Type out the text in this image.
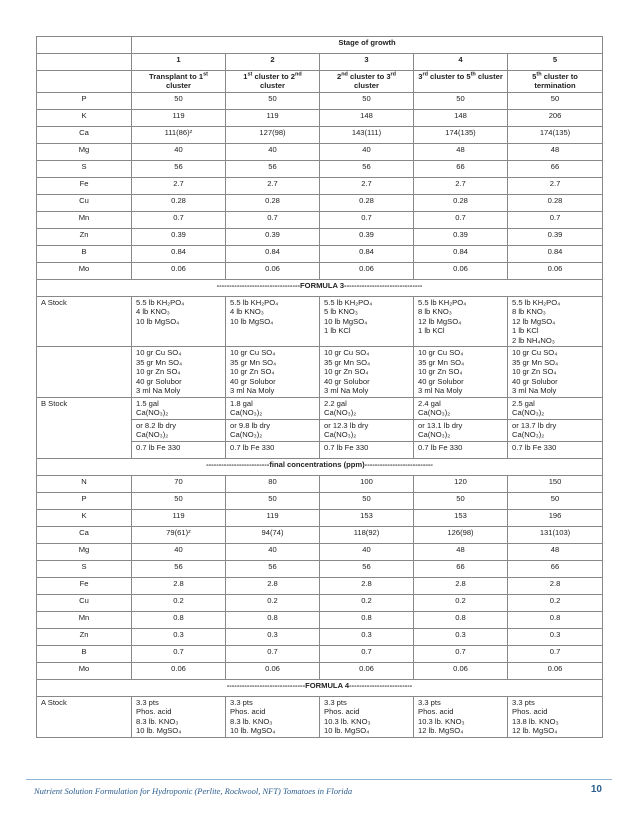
	Stage of growth				
	1	2	3	4	5
	Transplant to 1st cluster	1st cluster to 2nd cluster	2nd cluster to 3rd cluster	3rd cluster to 5th cluster	5th cluster to termination
P	50	50	50	50	50
K	119	119	148	148	206
Ca	111(86)ᶻ	127(98)	143(111)	174(135)	174(135)
Mg	40	40	40	48	48
S	56	56	56	66	66
Fe	2.7	2.7	2.7	2.7	2.7
Cu	0.28	0.28	0.28	0.28	0.28
Mn	0.7	0.7	0.7	0.7	0.7
Zn	0.39	0.39	0.39	0.39	0.39
B	0.84	0.84	0.84	0.84	0.84
Mo	0.06	0.06	0.06	0.06	0.06
---------------------------------FORMULA 3-------------------------------					
A Stock	5.5 lb KH₂PO₄
4 lb KNO₃
10 lb MgSO₄	5.5 lb KH₂PO₄
4 lb KNO₃
10 lb MgSO₄	5.5 lb KH₂PO₄
5 lb KNO₃
10 lb MgSO₄
1 lb KCl	5.5 lb KH₂PO₄
8 lb KNO₃
12 lb MgSO₄
1 lb KCl	5.5 lb KH₂PO₄
8 lb KNO₃
12 lb MgSO₄
1 lb KCl
2 lb NH₄NO₃

	10 gr Cu SO₄
35 gr Mn SO₄
10 gr Zn SO₄
40 gr Solubor
3 ml Na Moly	10 gr Cu SO₄
35 gr Mn SO₄
10 gr Zn SO₄
40 gr Solubor
3 ml Na Moly	10 gr Cu SO₄
35 gr Mn SO₄
10 gr Zn SO₄
40 gr Solubor
3 ml Na Moly	10 gr Cu SO₄
35 gr Mn SO₄
10 gr Zn SO₄
40 gr Solubor
3 ml Na Moly	10 gr Cu SO₄
35 gr Mn SO₄
10 gr Zn SO₄
40 gr Solubor
3 ml Na Moly

B Stock	1.5 gal
Ca(NO₃)₂	1.8 gal
Ca(NO₃)₂	2.2 gal
Ca(NO₃)₂	2.4 gal
Ca(NO₃)₂	2.5 gal
Ca(NO₃)₂

	or 8.2 lb dry
Ca(NO₃)₂	or 9.8 lb dry
Ca(NO₃)₂	or 12.3 lb dry
Ca(NO₃)₂	or 13.1 lb dry
Ca(NO₃)₂	or 13.7 lb dry
Ca(NO₃)₂

	0.7 lb Fe 330	0.7 lb Fe 330	0.7 lb Fe 330	0.7 lb Fe 330	0.7 lb Fe 330
-------------------------final concentrations (ppm)---------------------------					
N	70	80	100	120	150
P	50	50	50	50	50
K	119	119	153	153	196
Ca	79(61)ᶻ	94(74)	118(92)	126(98)	131(103)
Mg	40	40	40	48	48
S	56	56	56	66	66
Fe	2.8	2.8	2.8	2.8	2.8
Cu	0.2	0.2	0.2	0.2	0.2
Mn	0.8	0.8	0.8	0.8	0.8
Zn	0.3	0.3	0.3	0.3	0.3
B	0.7	0.7	0.7	0.7	0.7
Mo	0.06	0.06	0.06	0.06	0.06
-------------------------------FORMULA 4-------------------------					
A Stock	3.3 pts
Phos. acid
8.3 lb. KNO₃
10 lb. MgSO₄	3.3 pts
Phos. acid
8.3 lb. KNO₃
10 lb. MgSO₄	3.3 pts
Phos. acid
10.3 lb. KNO₃
10 lb. MgSO₄	3.3 pts
Phos. acid
10.3 lb. KNO₃
12 lb. MgSO₄	3.3 pts
Phos. acid
13.8 lb. KNO₃
12 lb. MgSO₄
Nutrient Solution Formulation for Hydroponic (Perlite, Rockwool, NFT) Tomatoes in Florida	10
